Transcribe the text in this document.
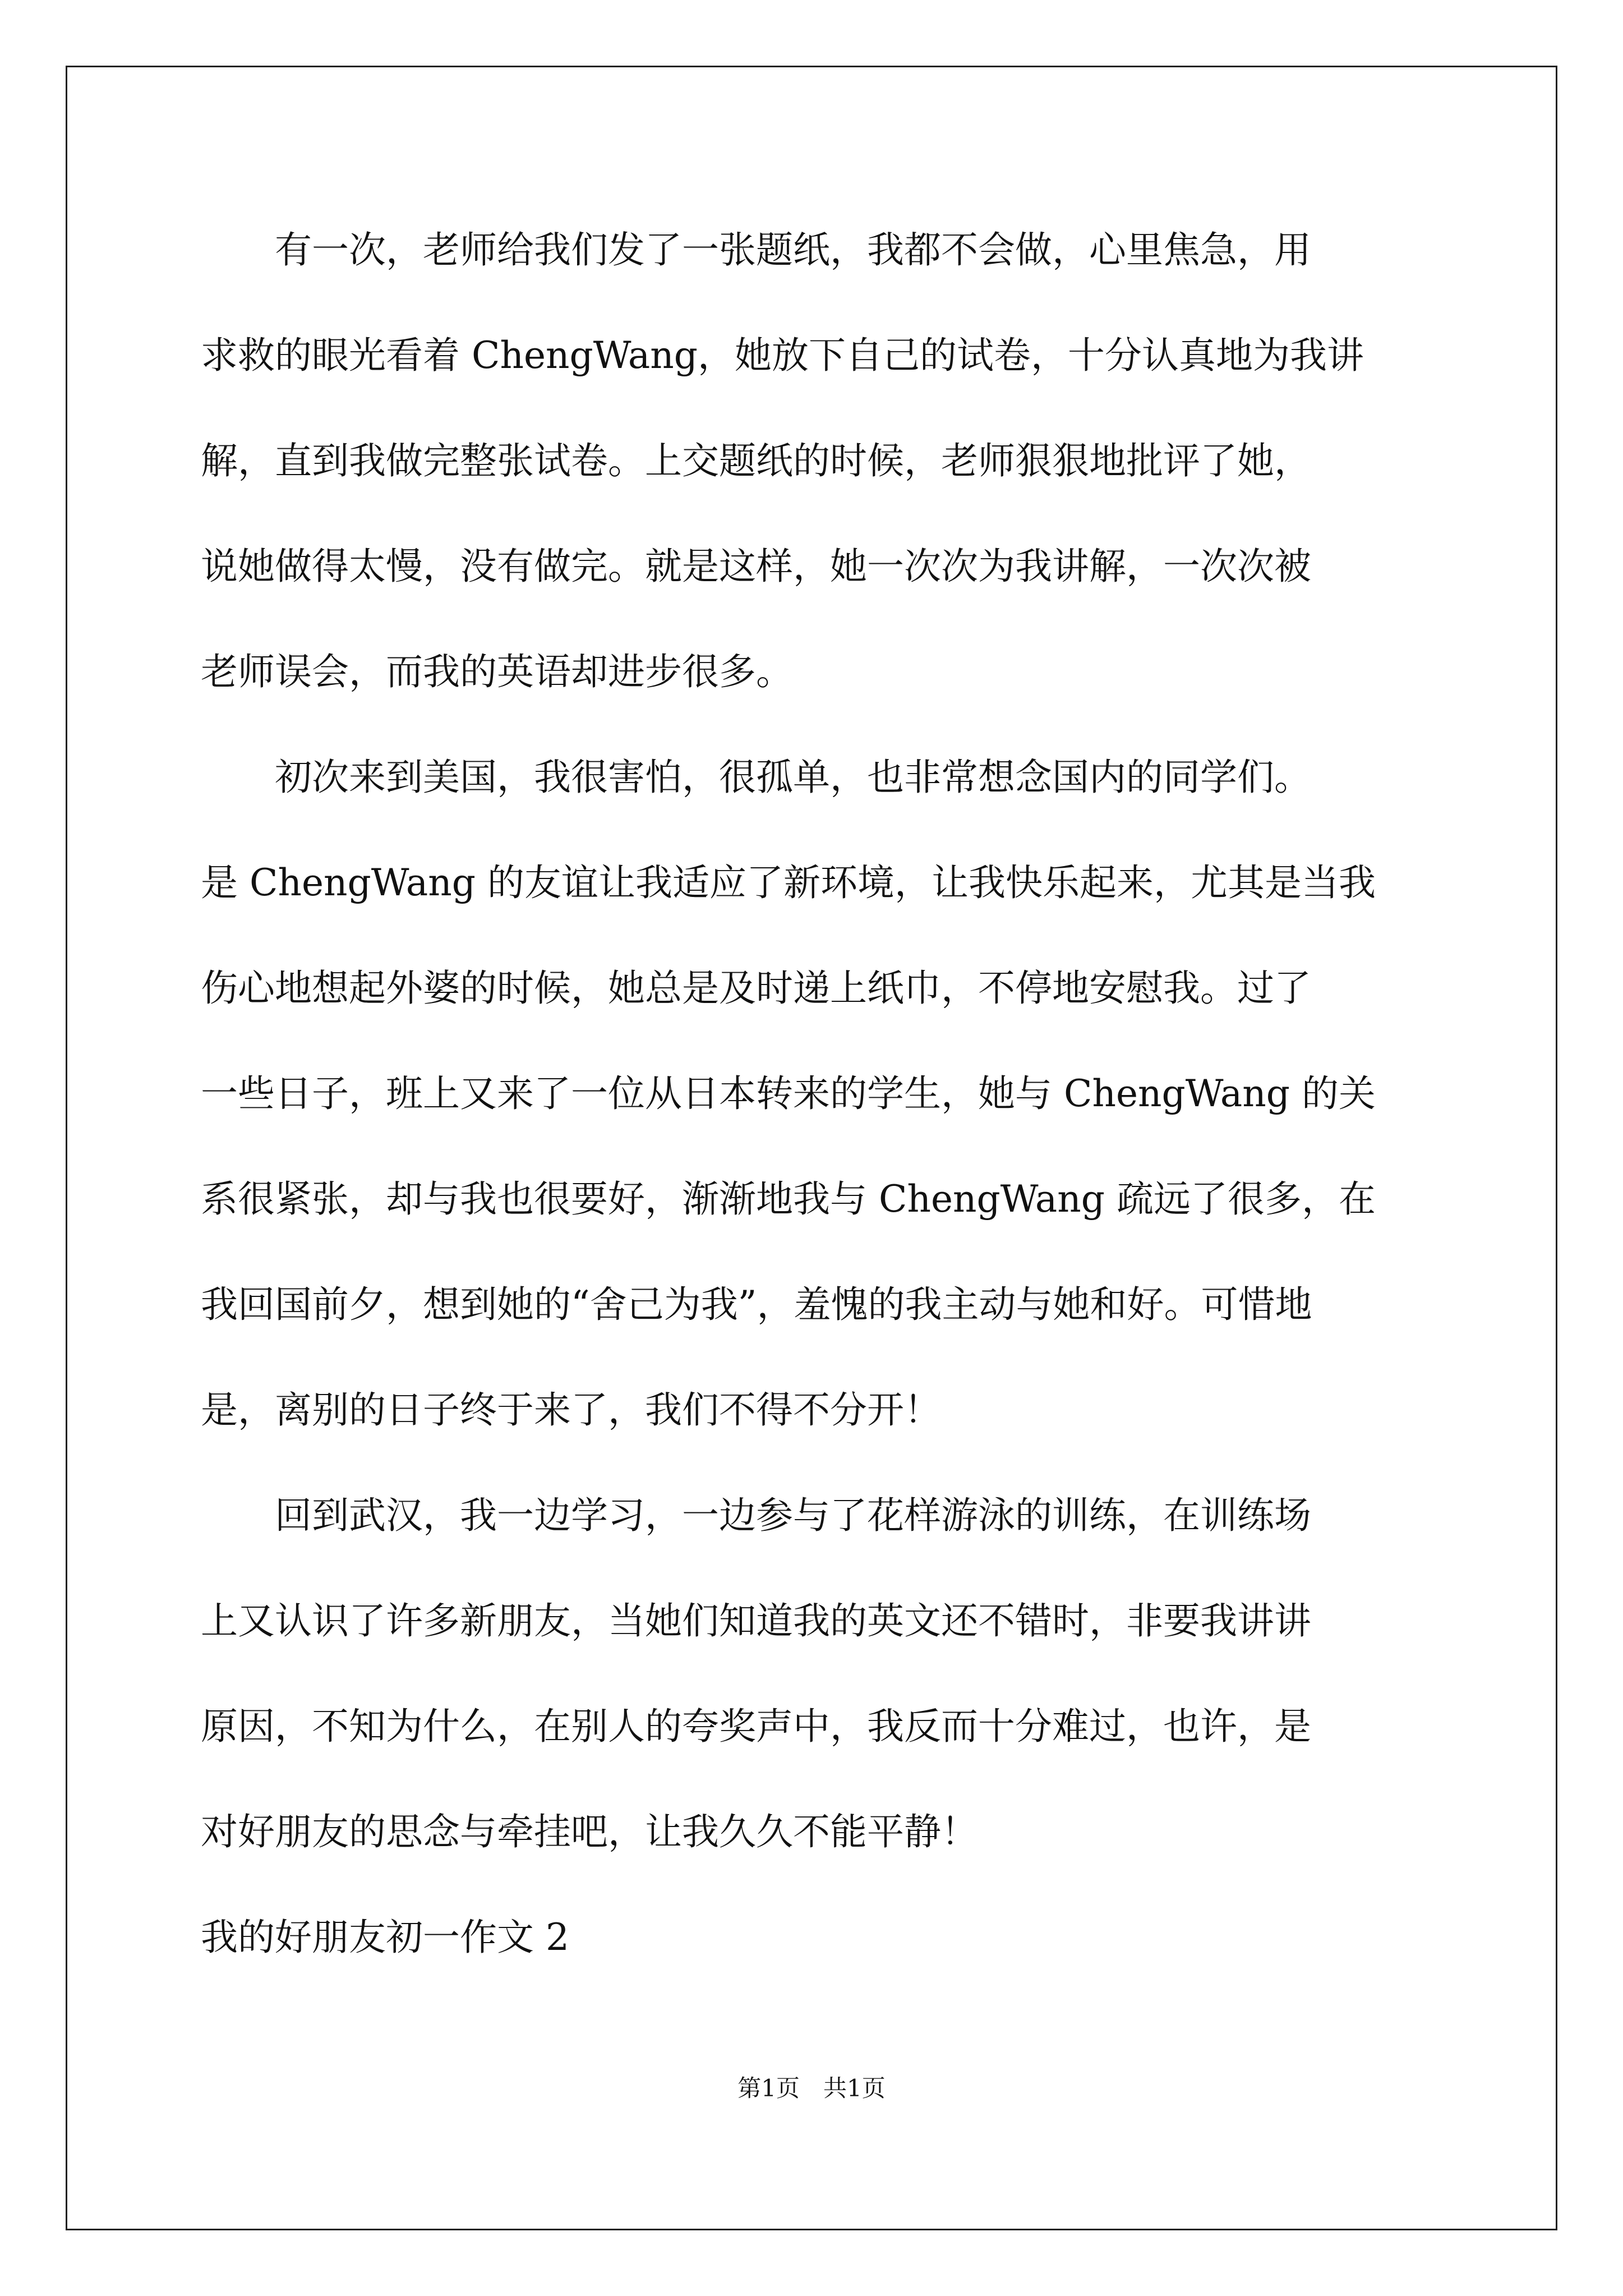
　　有一次，老师给我们发了一张题纸，我都不会做，心里焦急，用
求救的眼光看着 ChengWang，她放下自己的试卷，十分认真地为我讲
解，直到我做完整张试卷。上交题纸的时候，老师狠狠地批评了她，
说她做得太慢，没有做完。就是这样，她一次次为我讲解，一次次被
老师误会，而我的英语却进步很多。
　　初次来到美国，我很害怕，很孤单，也非常想念国内的同学们。
是 ChengWang 的友谊让我适应了新环境，让我快乐起来，尤其是当我
伤心地想起外婆的时候，她总是及时递上纸巾，不停地安慰我。过了
一些日子，班上又来了一位从日本转来的学生，她与 ChengWang 的关
系很紧张，却与我也很要好，渐渐地我与 ChengWang 疏远了很多，在
我回国前夕，想到她的“舍己为我”，羞愧的我主动与她和好。可惜地
是，离别的日子终于来了，我们不得不分开！
　　回到武汉，我一边学习，一边参与了花样游泳的训练，在训练场
上又认识了许多新朋友，当她们知道我的英文还不错时，非要我讲讲
原因，不知为什么，在别人的夸奖声中，我反而十分难过，也许，是
对好朋友的思念与牵挂吧，让我久久不能平静！
我的好朋友初一作文 2
第1页　共1页
